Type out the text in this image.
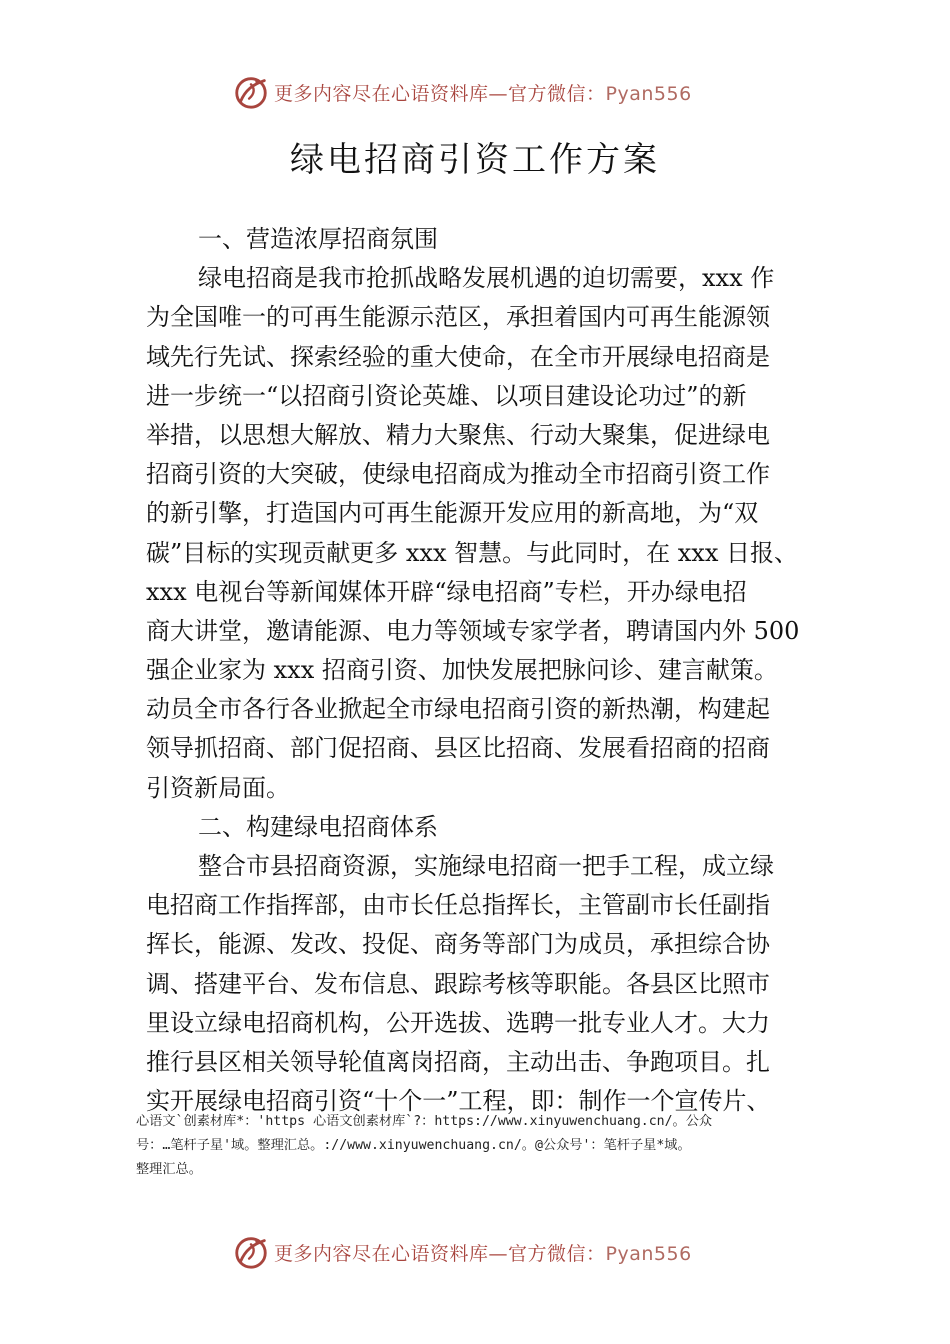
更多内容尽在心语资料库—官方微信：Pyan556
绿电招商引资工作方案
一、营造浓厚招商氛围
绿电招商是我市抢抓战略发展机遇的迫切需要，xxx 作
为全国唯一的可再生能源示范区，承担着国内可再生能源领
域先行先试、探索经验的重大使命，在全市开展绿电招商是
进一步统一“以招商引资论英雄、以项目建设论功过”的新
举措，以思想大解放、精力大聚焦、行动大聚集，促进绿电
招商引资的大突破，使绿电招商成为推动全市招商引资工作
的新引擎，打造国内可再生能源开发应用的新高地，为“双
碳”目标的实现贡献更多 xxx 智慧。与此同时，在 xxx 日报、
xxx 电视台等新闻媒体开辟“绿电招商”专栏，开办绿电招
商大讲堂，邀请能源、电力等领域专家学者，聘请国内外 500
强企业家为 xxx 招商引资、加快发展把脉问诊、建言献策。
动员全市各行各业掀起全市绿电招商引资的新热潮，构建起
领导抓招商、部门促招商、县区比招商、发展看招商的招商
引资新局面。
二、构建绿电招商体系
整合市县招商资源，实施绿电招商一把手工程，成立绿
电招商工作指挥部，由市长任总指挥长，主管副市长任副指
挥长，能源、发改、投促、商务等部门为成员，承担综合协
调、搭建平台、发布信息、跟踪考核等职能。各县区比照市
里设立绿电招商机构，公开选拔、选聘一批专业人才。大力
推行县区相关领导轮值离岗招商，主动出击、争跑项目。扎
实开展绿电招商引资“十个一”工程，即：制作一个宣传片、
心语文`创素材库*：'https 心语文创素材库`?：https://www.xinyuwenchuang.cn/。公众
号：…笔杆子星'域。整理汇总。://www.xinyuwenchuang.cn/。@公众号'：笔杆子星*域。
整理汇总。
更多内容尽在心语资料库—官方微信：Pyan556
